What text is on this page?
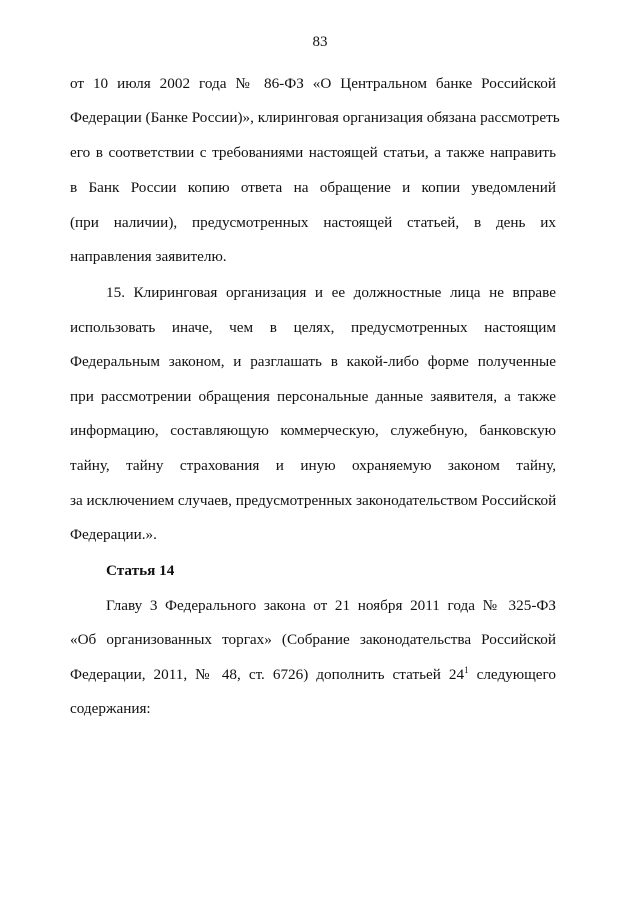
83
от 10 июля 2002 года № 86-ФЗ «О Центральном банке Российской
Федерации (Банке России)», клиринговая организация обязана рассмотреть
его в соответствии с требованиями настоящей статьи, а также направить
в Банк России копию ответа на обращение и копии уведомлений
(при наличии), предусмотренных настоящей статьей, в день их
направления заявителю.
15. Клиринговая организация и ее должностные лица не вправе
использовать иначе, чем в целях, предусмотренных настоящим
Федеральным законом, и разглашать в какой-либо форме полученные
при рассмотрении обращения персональные данные заявителя, а также
информацию, составляющую коммерческую, служебную, банковскую
тайну, тайну страхования и иную охраняемую законом тайну,
за исключением случаев, предусмотренных законодательством Российской
Федерации.».
Статья 14
Главу 3 Федерального закона от 21 ноября 2011 года № 325-ФЗ
«Об организованных торгах» (Собрание законодательства Российской
Федерации, 2011, № 48, ст. 6726) дополнить статьей $24^1$ следующего
содержания:
